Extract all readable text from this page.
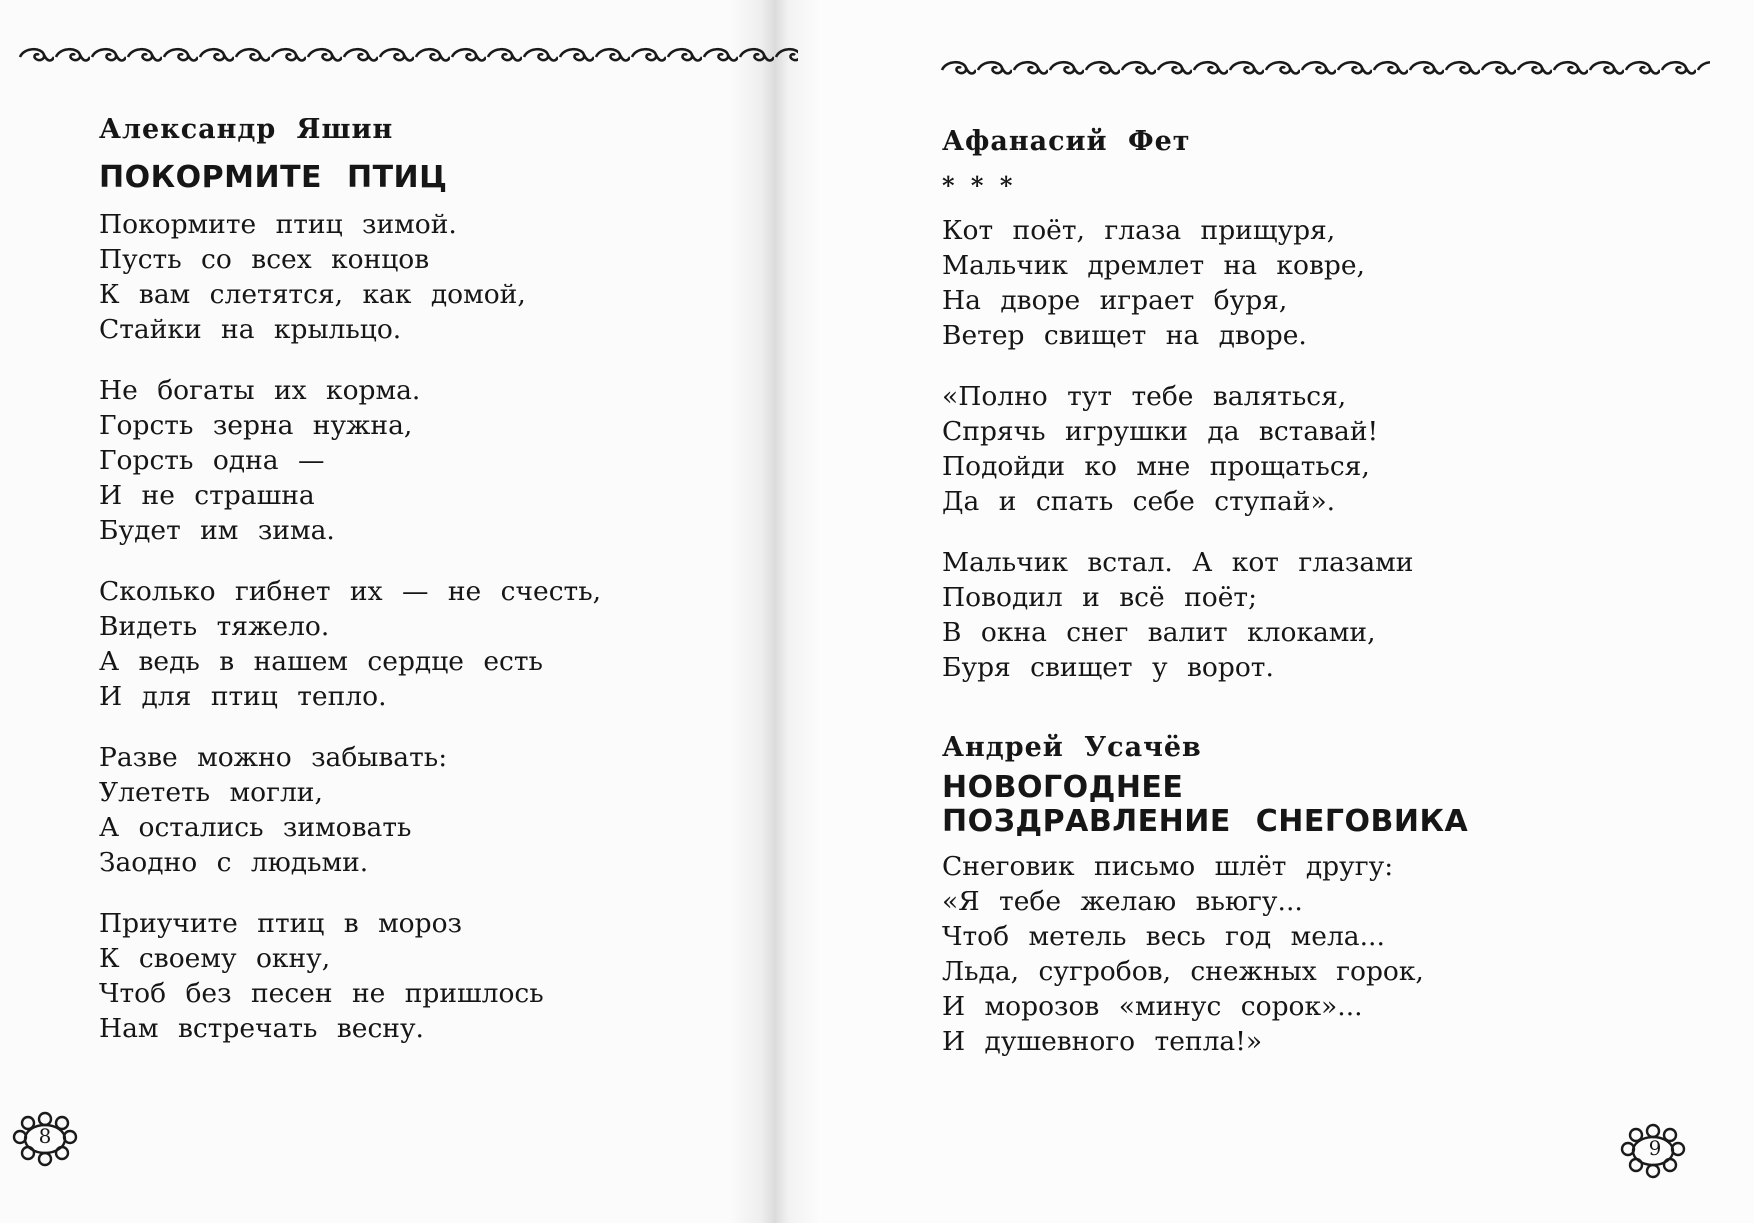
Александр Яшин
ПОКОРМИТЕ ПТИЦ
Покормите птиц зимой.
Пусть со всех концов
К вам слетятся, как домой,
Стайки на крыльцо.
Не богаты их корма.
Горсть зерна нужна,
Горсть одна —
И не страшна
Будет им зима.
Сколько гибнет их — не счесть,
Видеть тяжело.
А ведь в нашем сердце есть
И для птиц тепло.
Разве можно забывать:
Улететь могли,
А остались зимовать
Заодно с людьми.
Приучите птиц в мороз
К своему окну,
Чтоб без песен не пришлось
Нам встречать весну.
Афанасий Фет
* * *
Кот поёт, глаза прищуря,
Мальчик дремлет на ковре,
На дворе играет буря,
Ветер свищет на дворе.
«Полно тут тебе валяться,
Спрячь игрушки да вставай!
Подойди ко мне прощаться,
Да и спать себе ступай».
Мальчик встал. А кот глазами
Поводил и всё поёт;
В окна снег валит клоками,
Буря свищет у ворот.
Андрей Усачёв
НОВОГОДНЕЕ
ПОЗДРАВЛЕНИЕ СНЕГОВИКА
Снеговик письмо шлёт другу:
«Я тебе желаю вьюгу...
Чтоб метель весь год мела...
Льда, сугробов, снежных горок,
И морозов «минус сорок»...
И душевного тепла!»
8	9
